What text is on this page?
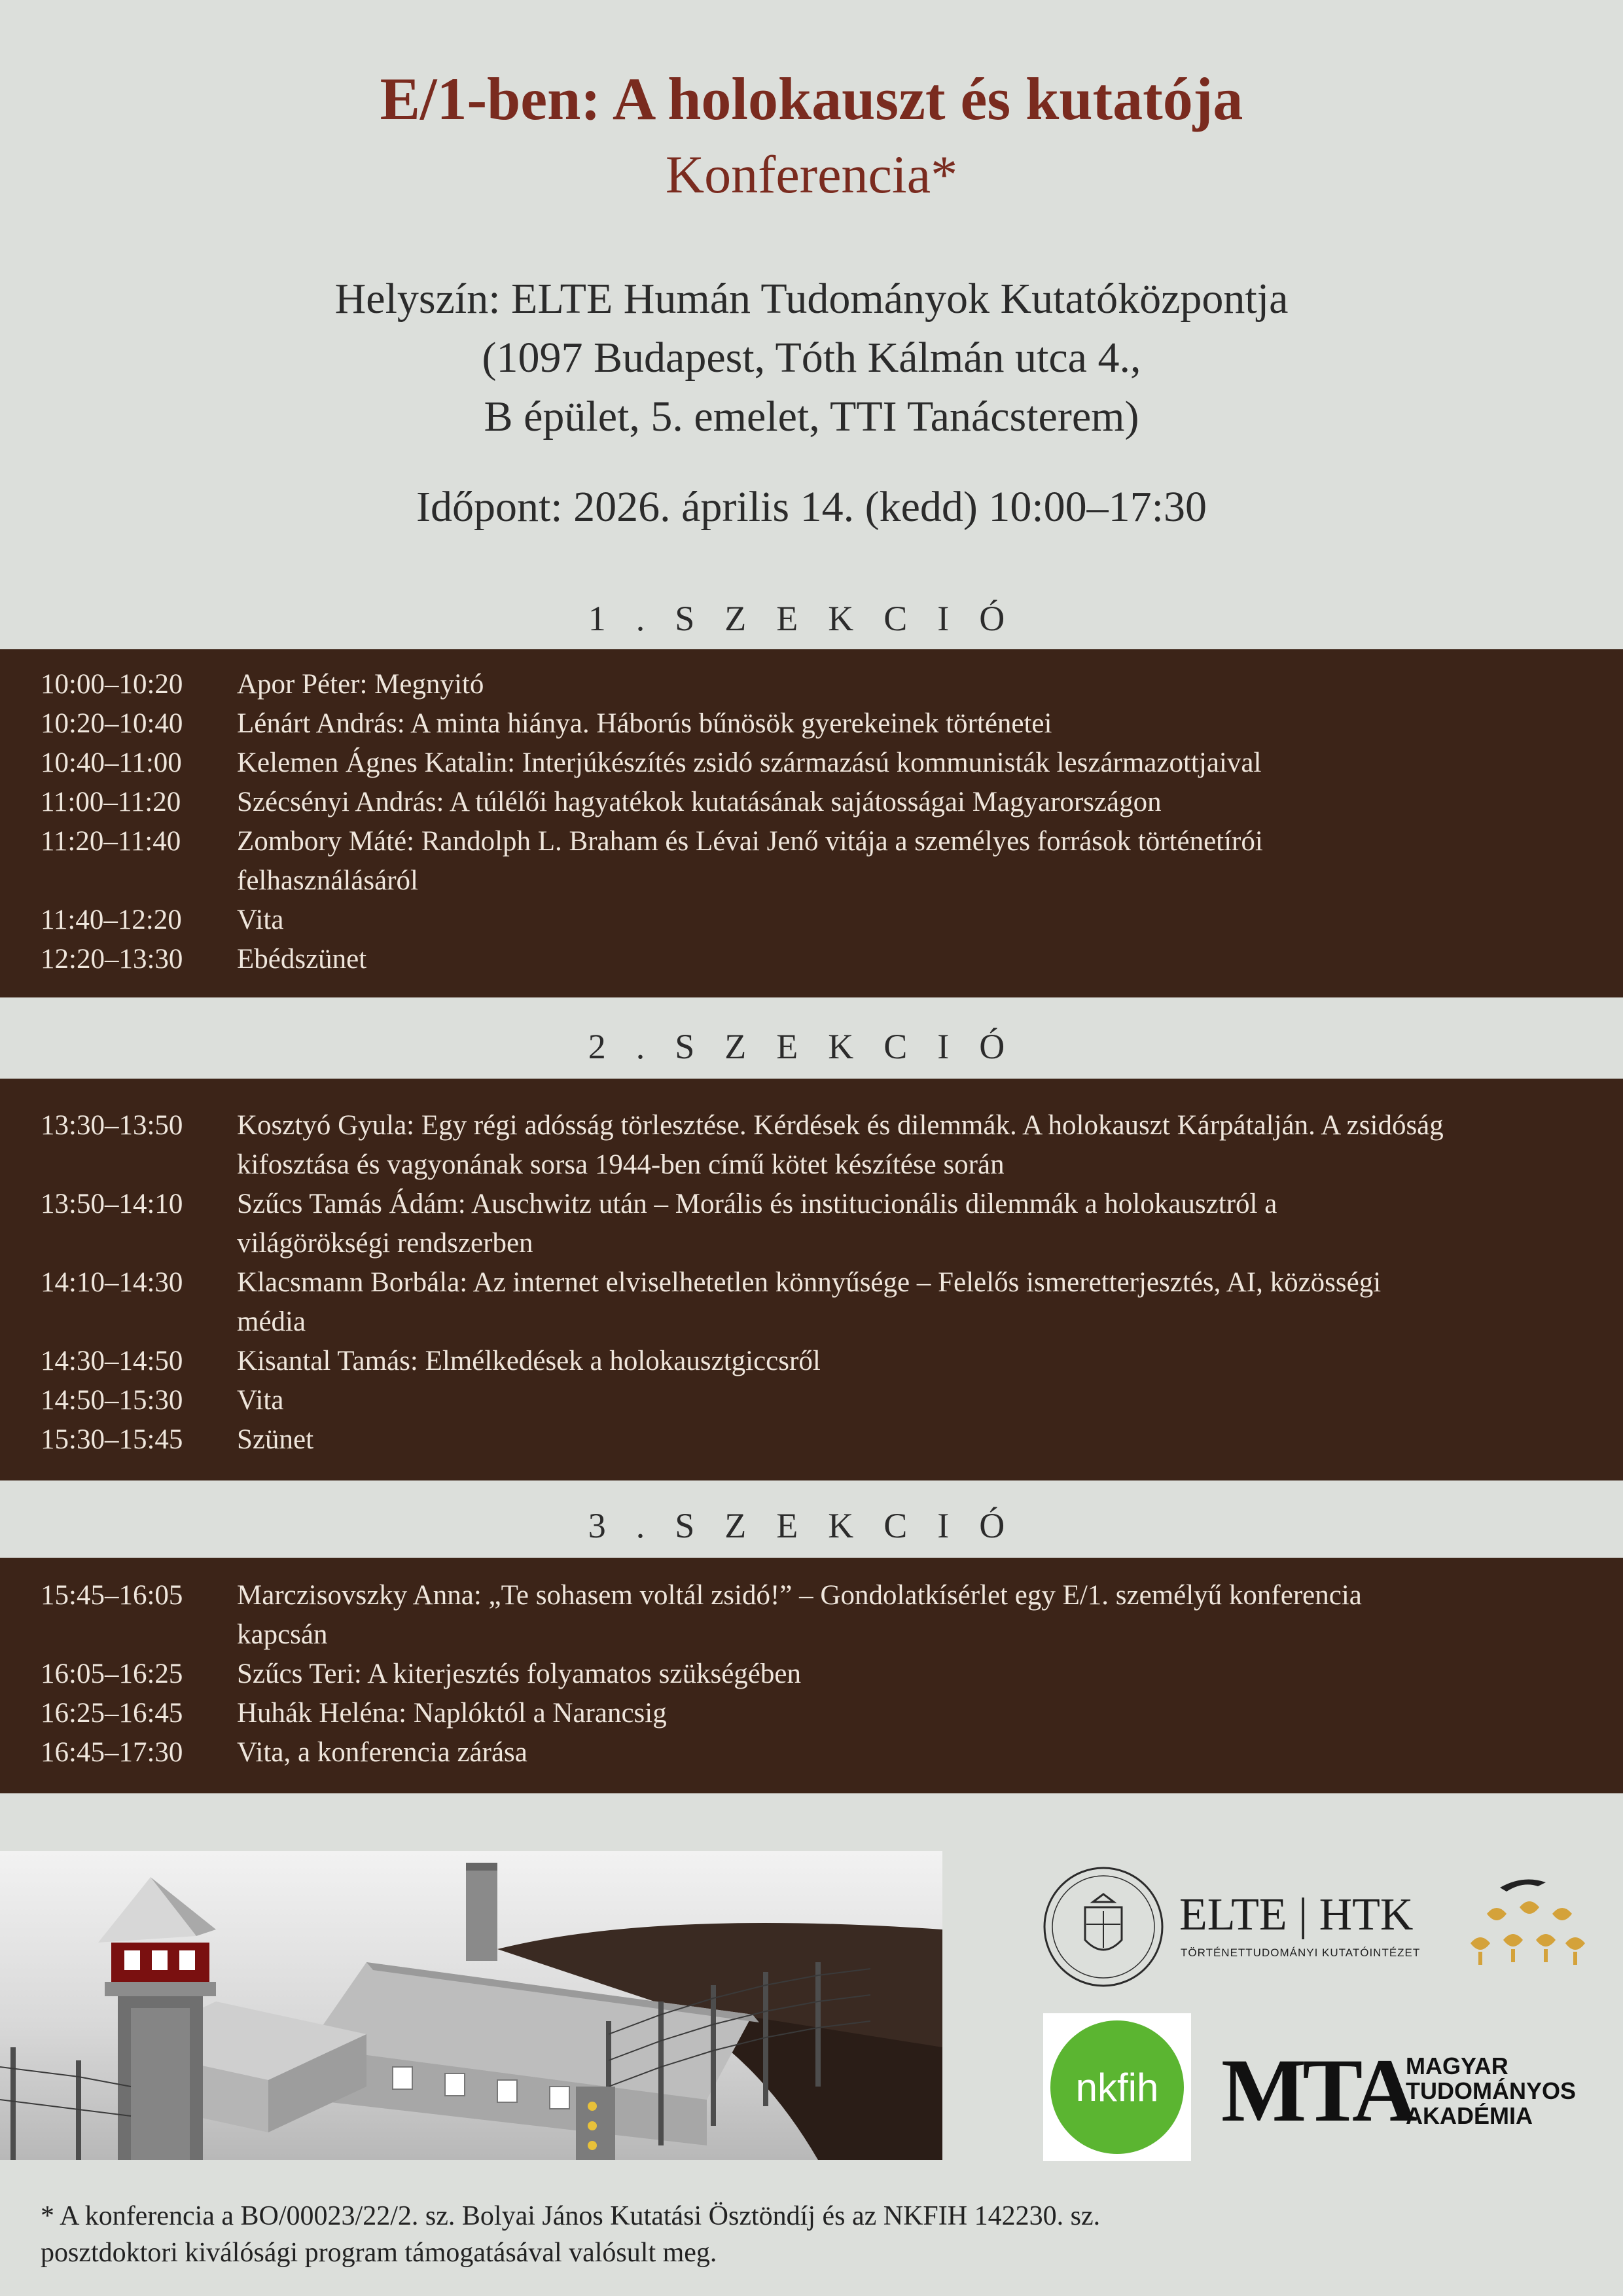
E/1-ben: A holokauszt és kutatója
Konferencia*
Helyszín: ELTE Humán Tudományok Kutatóközpontja
(1097 Budapest, Tóth Kálmán utca 4.,
B épület, 5. emelet, TTI Tanácsterem)
Időpont: 2026. április 14. (kedd) 10:00–17:30
1.SZEKCIÓ
10:00–10:20 Apor Péter: Megnyitó
10:20–10:40 Lénárt András: A minta hiánya. Háborús bűnösök gyerekeinek történetei
10:40–11:00 Kelemen Ágnes Katalin: Interjúkészítés zsidó származású kommunisták leszármazottjaival
11:00–11:20 Szécsényi András: A túlélői hagyatékok kutatásának sajátosságai Magyarországon
11:20–11:40 Zombory Máté: Randolph L. Braham és Lévai Jenő vitája a személyes források történetírói felhasználásáról
11:40–12:20 Vita
12:20–13:30 Ebédszünet
2.SZEKCIÓ
13:30–13:50 Kosztyó Gyula: Egy régi adósság törlesztése. Kérdések és dilemmák. A holokauszt Kárpátalján. A zsidóság kifosztása és vagyonának sorsa 1944-ben című kötet készítése során
13:50–14:10 Szűcs Tamás Ádám: Auschwitz után – Morális és institucionális dilemmák a holokausztról a világörökségi rendszerben
14:10–14:30 Klacsmann Borbála: Az internet elviselhetetlen könnyűsége – Felelős ismeretterjesztés, AI, közösségi média
14:30–14:50 Kisantal Tamás: Elmélkedések a holokausztgiccsről
14:50–15:30 Vita
15:30–15:45 Szünet
3.SZEKCIÓ
15:45–16:05 Marczisovszky Anna: „Te sohasem voltál zsidó!” – Gondolatkísérlet egy E/1. személyű konferencia kapcsán
16:05–16:25 Szűcs Teri: A kiterjesztés folyamatos szükségében
16:25–16:45 Huhák Heléna: Naplóktól a Narancsig
16:45–17:30 Vita, a konferencia zárása
ELTE | HTK
TÖRTÉNETTUDOMÁNYI KUTATÓINTÉZET
nkfih MTA
MAGYAR
TUDOMÁNYOS
AKADÉMIA
* A konferencia a BO/00023/22/2. sz. Bolyai János Kutatási Ösztöndíj és az NKFIH 142230. sz.
posztdoktori kiválósági program támogatásával valósult meg.
